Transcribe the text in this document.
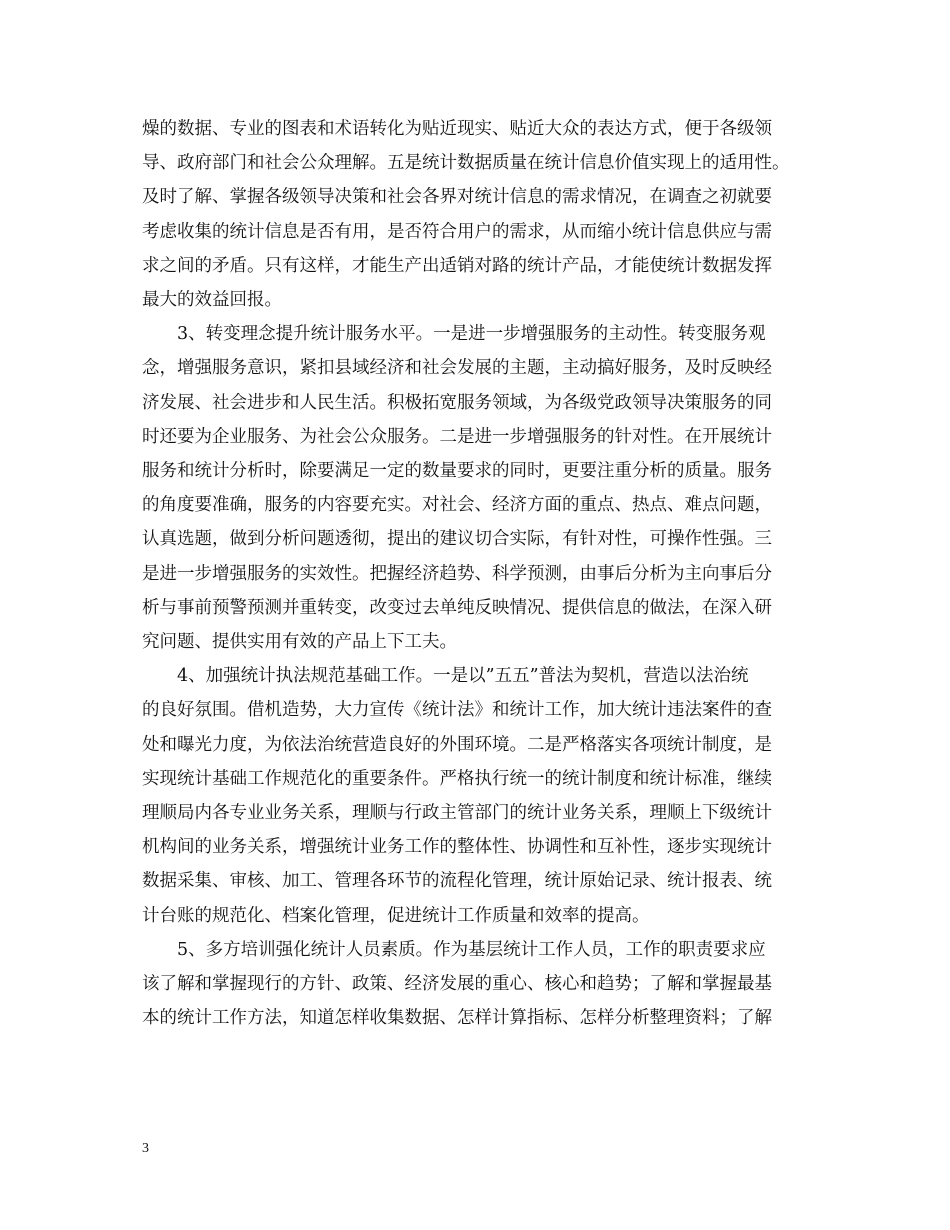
燥的数据、专业的图表和术语转化为贴近现实、贴近大众的表达方式，便于各级领
导、政府部门和社会公众理解。五是统计数据质量在统计信息价值实现上的适用性。
及时了解、掌握各级领导决策和社会各界对统计信息的需求情况，在调查之初就要
考虑收集的统计信息是否有用，是否符合用户的需求，从而缩小统计信息供应与需
求之间的矛盾。只有这样，才能生产出适销对路的统计产品，才能使统计数据发挥
最大的效益回报。
　　3、转变理念提升统计服务水平。一是进一步增强服务的主动性。转变服务观
念，增强服务意识，紧扣县域经济和社会发展的主题，主动搞好服务，及时反映经
济发展、社会进步和人民生活。积极拓宽服务领域，为各级党政领导决策服务的同
时还要为企业服务、为社会公众服务。二是进一步增强服务的针对性。在开展统计
服务和统计分析时，除要满足一定的数量要求的同时，更要注重分析的质量。服务
的角度要准确，服务的内容要充实。对社会、经济方面的重点、热点、难点问题，
认真选题，做到分析问题透彻，提出的建议切合实际，有针对性，可操作性强。三
是进一步增强服务的实效性。把握经济趋势、科学预测，由事后分析为主向事后分
析与事前预警预测并重转变，改变过去单纯反映情况、提供信息的做法，在深入研
究问题、提供实用有效的产品上下工夫。
　　4、加强统计执法规范基础工作。一是以”五五”普法为契机，营造以法治统
的良好氛围。借机造势，大力宣传《统计法》和统计工作，加大统计违法案件的查
处和曝光力度，为依法治统营造良好的外围环境。二是严格落实各项统计制度，是
实现统计基础工作规范化的重要条件。严格执行统一的统计制度和统计标准，继续
理顺局内各专业业务关系，理顺与行政主管部门的统计业务关系，理顺上下级统计
机构间的业务关系，增强统计业务工作的整体性、协调性和互补性，逐步实现统计
数据采集、审核、加工、管理各环节的流程化管理，统计原始记录、统计报表、统
计台账的规范化、档案化管理，促进统计工作质量和效率的提高。
　　5、多方培训强化统计人员素质。作为基层统计工作人员，工作的职责要求应
该了解和掌握现行的方针、政策、经济发展的重心、核心和趋势；了解和掌握最基
本的统计工作方法，知道怎样收集数据、怎样计算指标、怎样分析整理资料；了解
3
